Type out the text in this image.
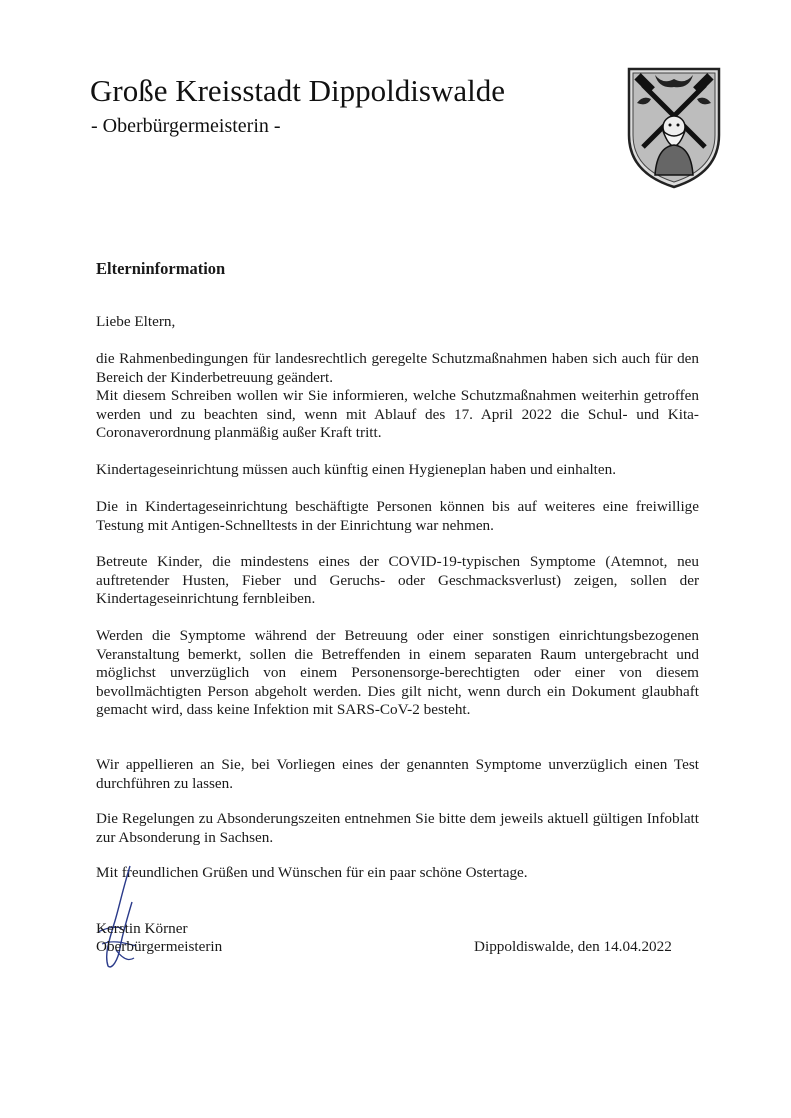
Große Kreisstadt Dippoldiswalde
- Oberbürgermeisterin -
Elterninformation

Liebe Eltern,

die Rahmenbedingungen für landesrechtlich geregelte Schutzmaßnahmen haben sich auch für den Bereich der Kinderbetreuung geändert.

Mit diesem Schreiben wollen wir Sie informieren, welche Schutzmaßnahmen weiterhin getroffen werden und zu beachten sind, wenn mit Ablauf des 17. April 2022 die Schul- und Kita-Coronaverordnung planmäßig außer Kraft tritt.

Kindertageseinrichtung müssen auch künftig einen Hygieneplan haben und einhalten.

Die in Kindertageseinrichtung beschäftigte Personen können bis auf weiteres eine freiwillige Testung mit Antigen-Schnelltests in der Einrichtung war nehmen.

Betreute Kinder, die mindestens eines der COVID-19-typischen Symptome (Atemnot, neu auftretender Husten, Fieber und Geruchs- oder Geschmacksverlust) zeigen, sollen der Kindertageseinrichtung fernbleiben.

Werden die Symptome während der Betreuung oder einer sonstigen einrichtungsbezogenen Veranstaltung bemerkt, sollen die Betreffenden in einem separaten Raum untergebracht und möglichst unverzüglich von einem Personensorge-berechtigten oder einer von diesem bevollmächtigten Person abgeholt werden. Dies gilt nicht, wenn durch ein Dokument glaubhaft gemacht wird, dass keine Infektion mit SARS-CoV-2 besteht.

Wir appellieren an Sie, bei Vorliegen eines der genannten Symptome unverzüglich einen Test durchführen zu lassen.

Die Regelungen zu Absonderungszeiten entnehmen Sie bitte dem jeweils aktuell gültigen Infoblatt zur Absonderung in Sachsen.

Mit freundlichen Grüßen und Wünschen für ein paar schöne Ostertage.

Kerstin Körner
Oberbürgermeisterin	Dippoldiswalde, den 14.04.2022
